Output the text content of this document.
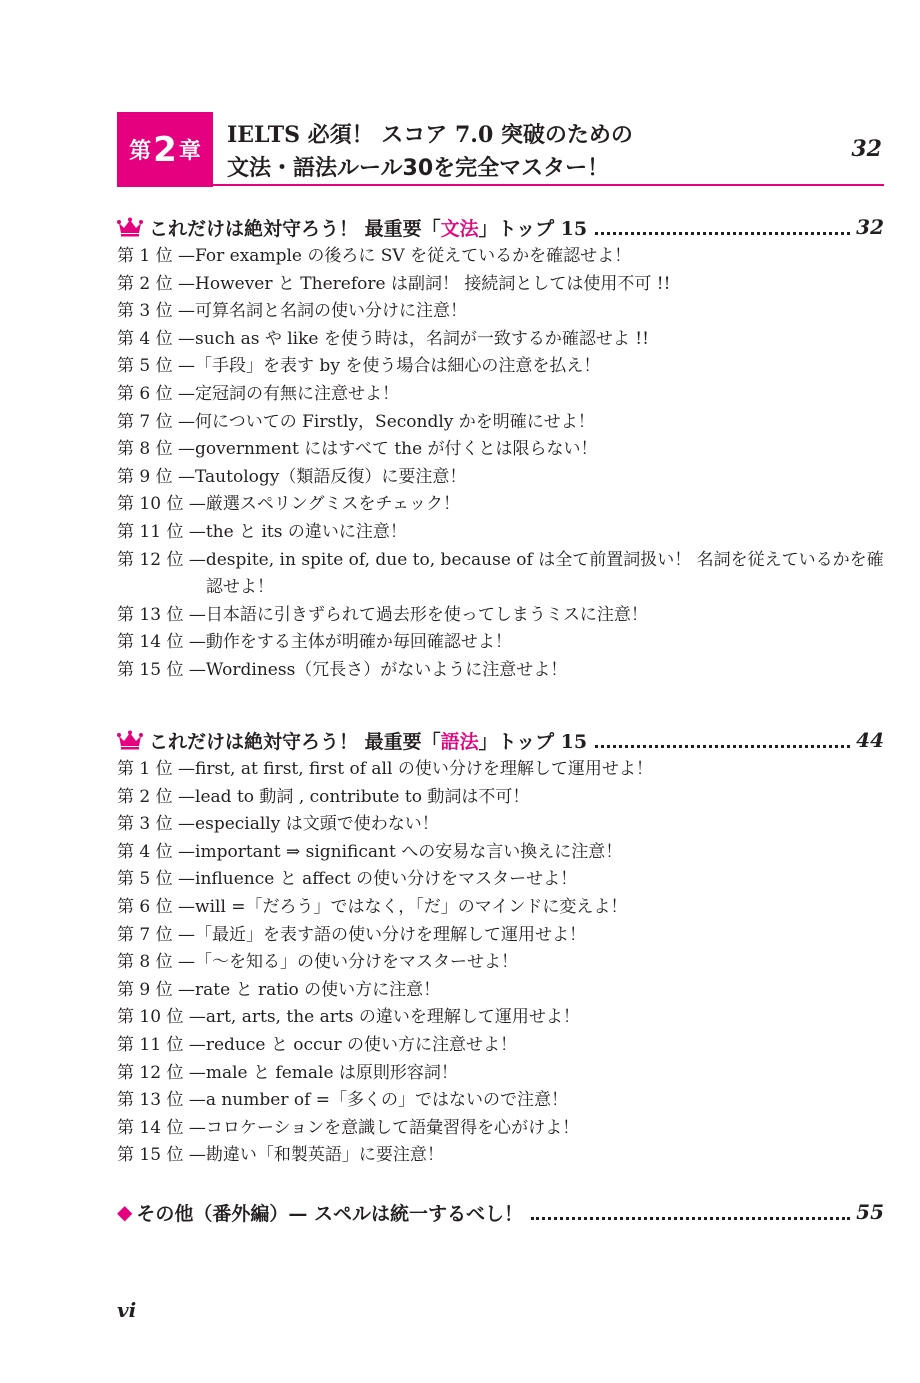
第 2 章
IELTS 必須！ スコア 7.0 突破のための
文法・語法ルール30を完全マスター！
32
これだけは絶対守ろう！ 最重要「 文法 」トップ 15	32
第 1 位 — For example の後ろに SV を従えているかを確認せよ！
第 2 位 — However と Therefore は副詞！ 接続詞としては使用不可 !!
第 3 位 — 可算名詞と名詞の使い分けに注意！
第 4 位 — such as や like を使う時は，名詞が一致するか確認せよ !!
第 5 位 — 「手段」を表す by を使う場合は細心の注意を払え！
第 6 位 — 定冠詞の有無に注意せよ！
第 7 位 — 何についての Firstly，Secondly かを明確にせよ！
第 8 位 — government にはすべて the が付くとは限らない！
第 9 位 — Tautology（類語反復）に要注意！
第 10 位 — 厳選スペリングミスをチェック！
第 11 位 — the と its の違いに注意！
第 12 位 — despite, in spite of, due to, because of は全て前置詞扱い！ 名詞を従えているかを確認せよ！
第 13 位 — 日本語に引きずられて過去形を使ってしまうミスに注意！
第 14 位 — 動作をする主体が明確か毎回確認せよ！
第 15 位 — Wordiness（冗長さ）がないように注意せよ！
これだけは絶対守ろう！ 最重要「 語法 」トップ 15	44
第 1 位 — first, at first, first of all の使い分けを理解して運用せよ！
第 2 位 — lead to 動詞 , contribute to 動詞は不可！
第 3 位 — especially は文頭で使わない！
第 4 位 — important ⇒ significant への安易な言い換えに注意！
第 5 位 — influence と affect の使い分けをマスターせよ！
第 6 位 — will =「だろう」ではなく，「だ」のマインドに変えよ！
第 7 位 — 「最近」を表す語の使い分けを理解して運用せよ！
第 8 位 — 「～を知る」の使い分けをマスターせよ！
第 9 位 — rate と ratio の使い方に注意！
第 10 位 — art, arts, the arts の違いを理解して運用せよ！
第 11 位 — reduce と occur の使い方に注意せよ！
第 12 位 — male と female は原則形容詞！
第 13 位 — a number of =「多くの」ではないので注意！
第 14 位 — コロケーションを意識して語彙習得を心がけよ！
第 15 位 — 勘違い「和製英語」に要注意！
◆ その他（番外編）— スペルは統一するべし！	55
vi
